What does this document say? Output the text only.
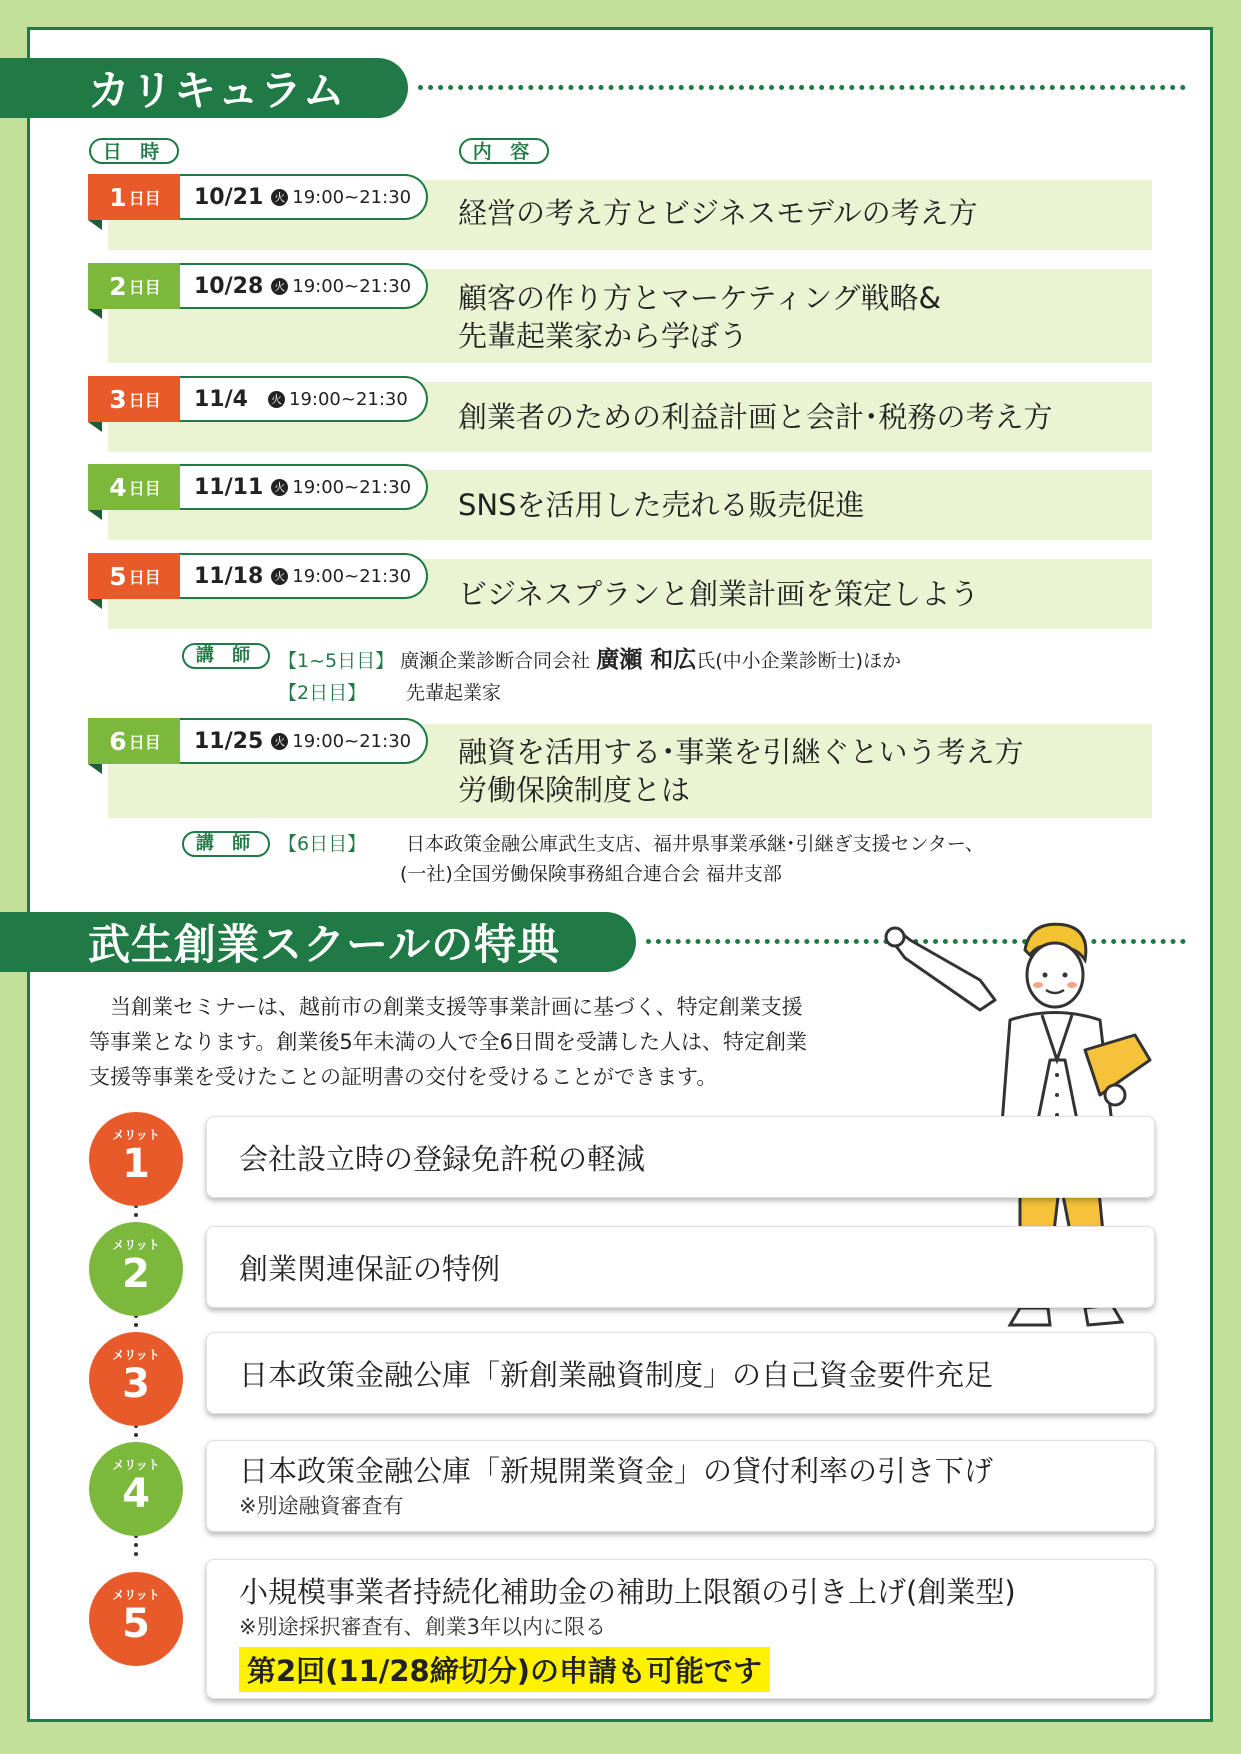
カリキュラム
日 時	内 容
1 日目 10/21 火 19:00~21:30 経営の考え方とビジネスモデルの考え方
2 日目 10/28 火 19:00~21:30 顧客の作り方とマーケティング戦略&
先輩起業家から学ぼう
3 日目 11/4	火 19:00~21:30
創業者のための利益計画と会計･税務の考え方
4 日目 11/11 火 19:00~21:30
SNSを活用した売れる販売促進
5 日目 11/18 火 19:00~21:30
ビジネスプランと創業計画を策定しよう
講 師	【1~5日目】 廣瀬企業診断合同会社 廣瀬 和広氏(中小企業診断士)ほか
【2日目】 先輩起業家
6 日目 11/25 火 19:00~21:30 融資を活用する･事業を引継ぐという考え方
労働保険制度とは
講 師	【6日目】 日本政策金融公庫武生支店、福井県事業承継･引継ぎ支援センター、
(一社)全国労働保険事務組合連合会 福井支部
武生創業スクールの特典
当創業セミナーは、越前市の創業支援等事業計画に基づく、特定創業支援
等事業となります。創業後5年未満の人で全6日間を受講した人は、特定創業
支援等事業を受けたことの証明書の交付を受けることができます。
メリット
1	会社設立時の登録免許税の軽減
メリット
2	創業関連保証の特例
メリット
3	日本政策金融公庫「新創業融資制度」の自己資金要件充足
メリット
4	日本政策金融公庫「新規開業資金」の貸付利率の引き下げ
※別途融資審査有
メリット
5
小規模事業者持続化補助金の補助上限額の引き上げ(創業型)
※別途採択審査有、創業3年以内に限る
第2回(11/28締切分)の申請も可能です
